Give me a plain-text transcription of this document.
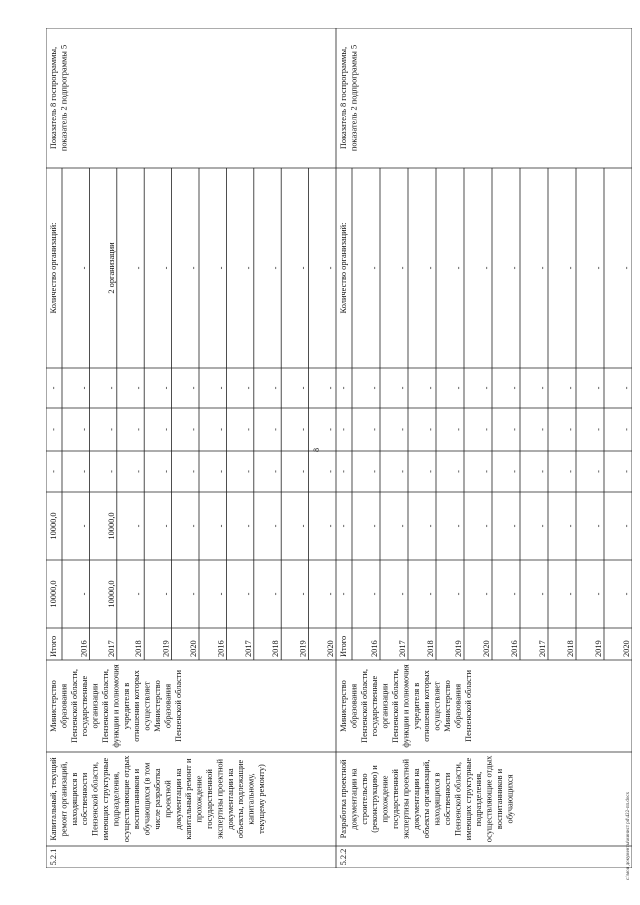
8
5.2.1
Капитальный, текущий ремонт организаций, находящихся в собственности Пензенской области, имеющих структурные подразделения, осуществляющие отдых воспитанников и обучающихся (в том числе разработка проектной документации на капитальный ремонт и прохождение государственной экспертизы проектной документации на объекты, подлежащие капитальному, текущему ремонту)
Министерство образования Пензенской области, государственные организации Пензенской области, функции и полномочия учредителя в отношении которых осуществляет Министерство образования Пензенской области
Итого
10000,0
10000,0
-
-
-
2016
-
-
-
-
-
-
2017
10000,0
10000,0
-
-
-
2 организации
2018
-
-
-
-
-
-
2019
-
-
-
-
-
-
2020
-
-
-
-
-
-
2016
-
-
-
-
-
-
2017
-
-
-
-
-
-
2018
-
-
-
-
-
-
2019
-
-
-
-
-
-
2020
-
-
-
-
-
-
Количество организаций:
Показатель 8 госпрограммы, показатель 2 подпрограммы 5
5.2.2
Разработка проектной документации на строительство (реконструкцию) и прохождение государственной экспертизы проектной документации на объекты организаций, находящихся в собственности Пензенской области, имеющих структурные подразделения, осуществляющие отдых воспитанников и обучающихся
Министерство образования Пензенской области, государственные организации Пензенской области, функции и полномочия учредителя в отношении которых осуществляет Министерство образования Пензенской области
Итого
-
-
-
-
-
2016
-
-
-
-
-
-
2017
-
-
-
-
-
-
2018
-
-
-
-
-
-
2019
-
-
-
-
-
-
2020
-
-
-
-
-
-
2016
-
-
-
-
-
-
2017
-
-
-
-
-
-
2018
-
-
-
-
-
-
2019
-
-
-
-
-
-
2020
-
-
-
-
-
-
Количество организаций:
Показатель 8 госпрограммы, показатель 2 подпрограммы 5
c:\мои документы\минист pd\422-пп.docx
